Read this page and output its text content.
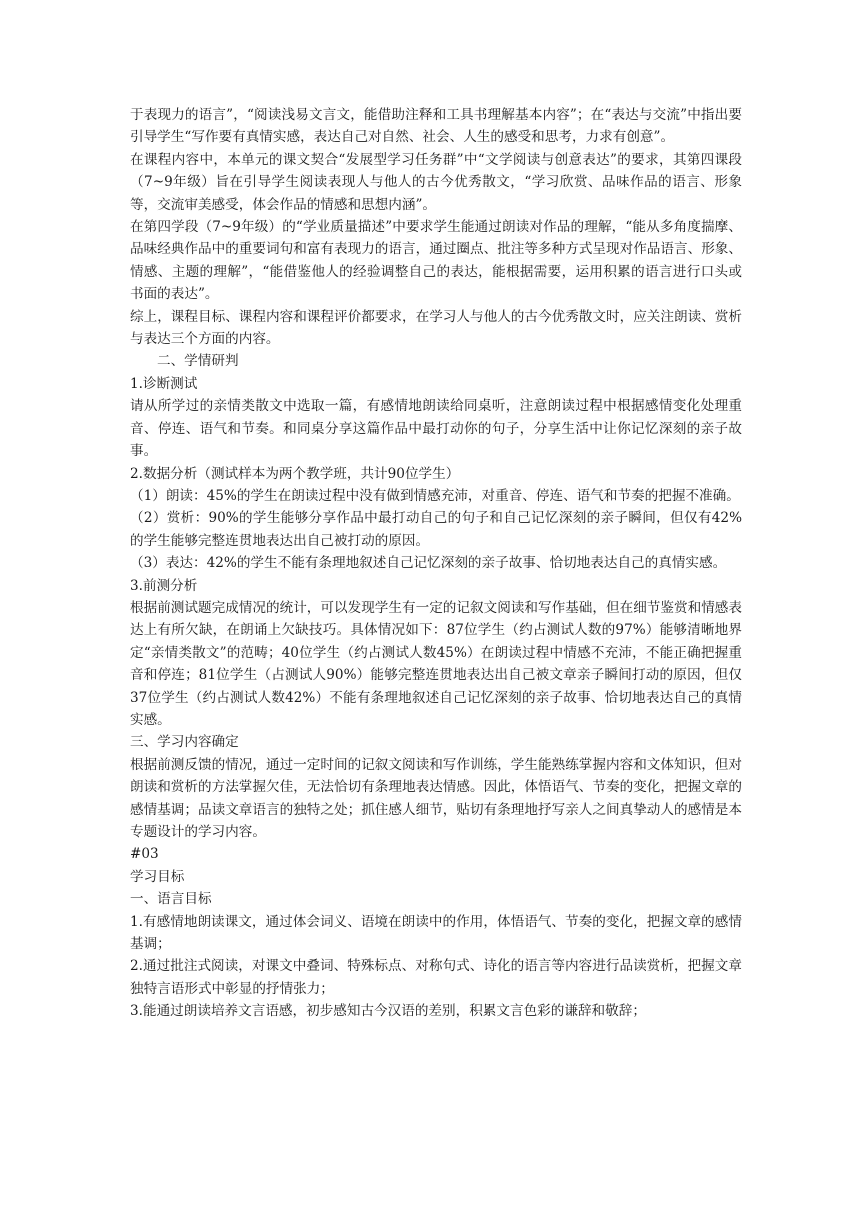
于表现力的语言”，“阅读浅易文言文，能借助注释和工具书理解基本内容”；在“表达与交流”中指出要引导学生“写作要有真情实感，表达自己对自然、社会、人生的感受和思考，力求有创意”。

在课程内容中，本单元的课文契合“发展型学习任务群”中“文学阅读与创意表达”的要求，其第四课段（7~9年级）旨在引导学生阅读表现人与他人的古今优秀散文，“学习欣赏、品味作品的语言、形象等，交流审美感受，体会作品的情感和思想内涵”。

在第四学段（7~9年级）的“学业质量描述”中要求学生能通过朗读对作品的理解，“能从多角度揣摩、品味经典作品中的重要词句和富有表现力的语言，通过圈点、批注等多种方式呈现对作品语言、形象、情感、主题的理解”，“能借鉴他人的经验调整自己的表达，能根据需要，运用积累的语言进行口头或书面的表达”。

综上，课程目标、课程内容和课程评价都要求，在学习人与他人的古今优秀散文时，应关注朗读、赏析与表达三个方面的内容。

二、学情研判

1.诊断测试

请从所学过的亲情类散文中选取一篇，有感情地朗读给同桌听，注意朗读过程中根据感情变化处理重音、停连、语气和节奏。和同桌分享这篇作品中最打动你的句子，分享生活中让你记忆深刻的亲子故事。

2.数据分析（测试样本为两个教学班，共计90位学生）

（1）朗读：45%的学生在朗读过程中没有做到情感充沛，对重音、停连、语气和节奏的把握不准确。

（2）赏析：90%的学生能够分享作品中最打动自己的句子和自己记忆深刻的亲子瞬间，但仅有42%的学生能够完整连贯地表达出自己被打动的原因。

（3）表达：42%的学生不能有条理地叙述自己记忆深刻的亲子故事、恰切地表达自己的真情实感。

3.前测分析

根据前测试题完成情况的统计，可以发现学生有一定的记叙文阅读和写作基础，但在细节鉴赏和情感表达上有所欠缺，在朗诵上欠缺技巧。具体情况如下：87位学生（约占测试人数的97%）能够清晰地界定“亲情类散文”的范畴；40位学生（约占测试人数45%）在朗读过程中情感不充沛，不能正确把握重音和停连；81位学生（占测试人90%）能够完整连贯地表达出自己被文章亲子瞬间打动的原因，但仅37位学生（约占测试人数42%）不能有条理地叙述自己记忆深刻的亲子故事、恰切地表达自己的真情实感。

三、学习内容确定

根据前测反馈的情况，通过一定时间的记叙文阅读和写作训练，学生能熟练掌握内容和文体知识，但对朗读和赏析的方法掌握欠佳，无法恰切有条理地表达情感。因此，体悟语气、节奏的变化，把握文章的感情基调；品读文章语言的独特之处；抓住感人细节，贴切有条理地抒写亲人之间真挚动人的感情是本专题设计的学习内容。

#03

学习目标

一、语言目标

1.有感情地朗读课文，通过体会词义、语境在朗读中的作用，体悟语气、节奏的变化，把握文章的感情基调；

2.通过批注式阅读，对课文中叠词、特殊标点、对称句式、诗化的语言等内容进行品读赏析，把握文章独特言语形式中彰显的抒情张力；

3.能通过朗读培养文言语感，初步感知古今汉语的差别，积累文言色彩的谦辞和敬辞；
